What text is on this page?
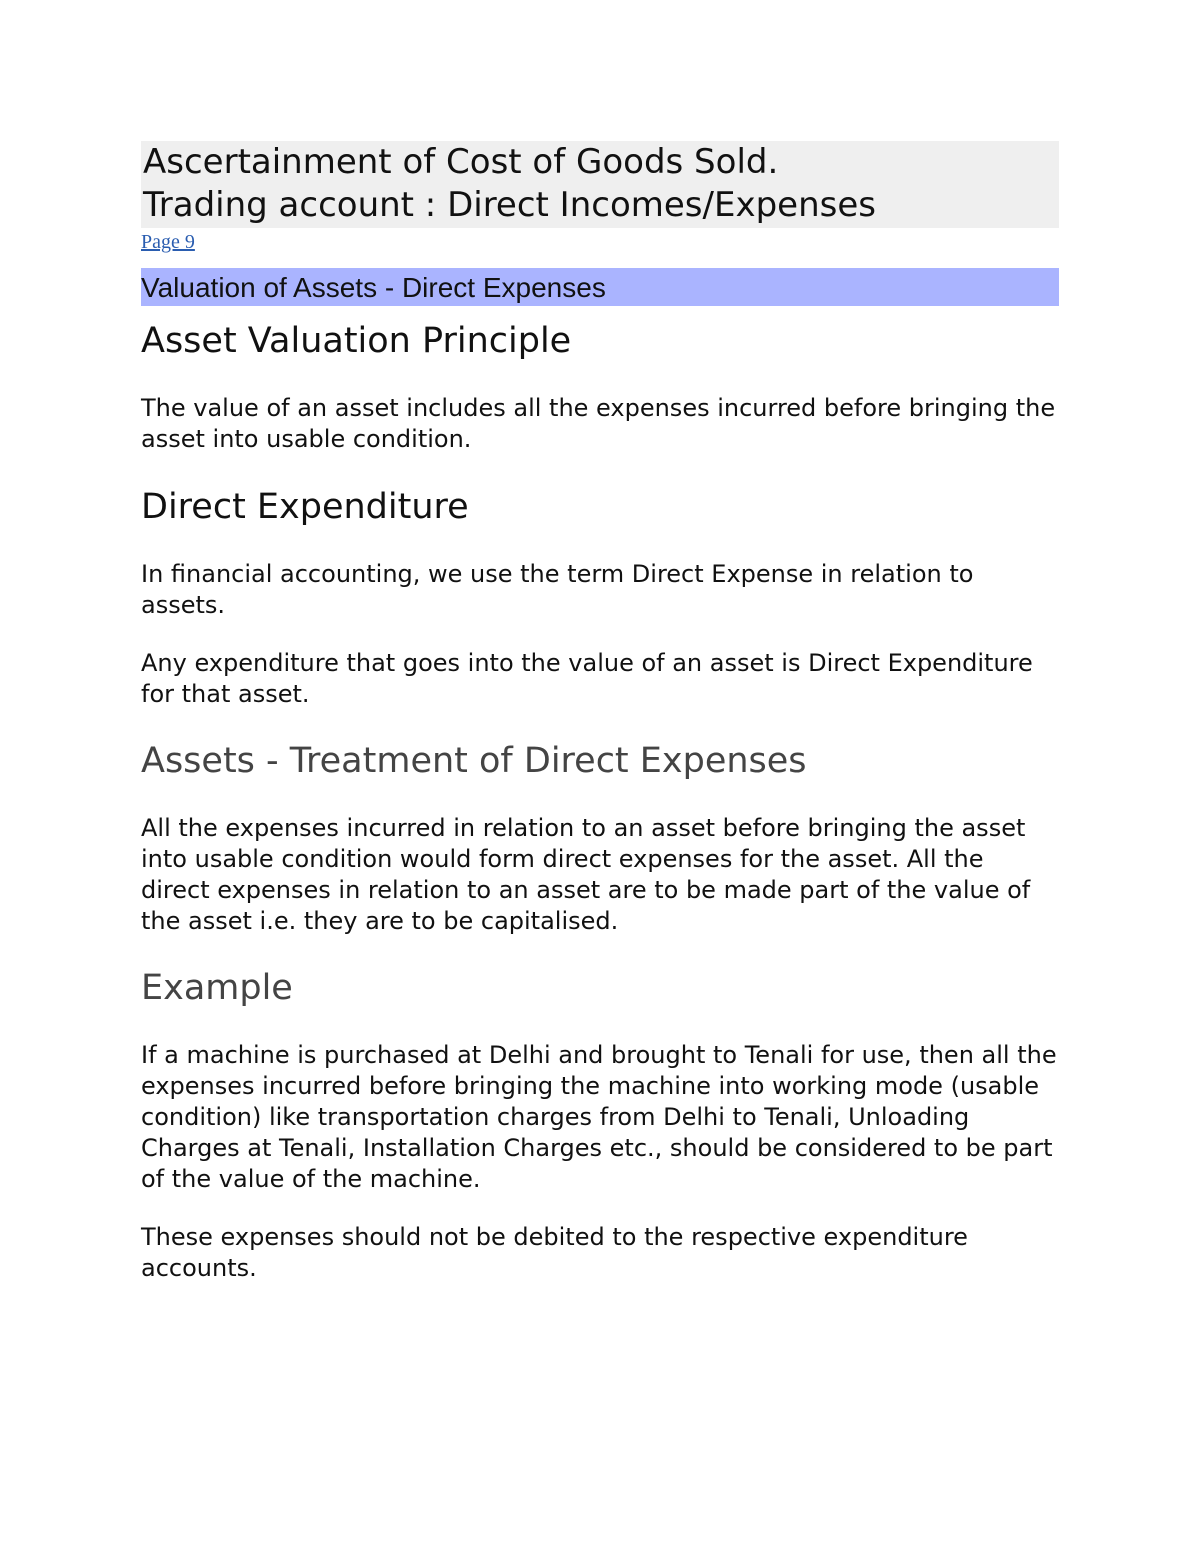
Ascertainment of Cost of Goods Sold.
Trading account : Direct Incomes/Expenses
Page 9
Valuation of Assets - Direct Expenses
Asset Valuation Principle

The value of an asset includes all the expenses incurred before bringing the asset into usable condition.

Direct Expenditure

In financial accounting, we use the term Direct Expense in relation to assets.

Any expenditure that goes into the value of an asset is Direct Expenditure for that asset.

Assets - Treatment of Direct Expenses

All the expenses incurred in relation to an asset before bringing the asset into usable condition would form direct expenses for the asset. All the direct expenses in relation to an asset are to be made part of the value of the asset i.e. they are to be capitalised.

Example

If a machine is purchased at Delhi and brought to Tenali for use, then all the expenses incurred before bringing the machine into working mode (usable condition) like transportation charges from Delhi to Tenali, Unloading Charges at Tenali, Installation Charges etc., should be considered to be part of the value of the machine.

These expenses should not be debited to the respective expenditure accounts.
